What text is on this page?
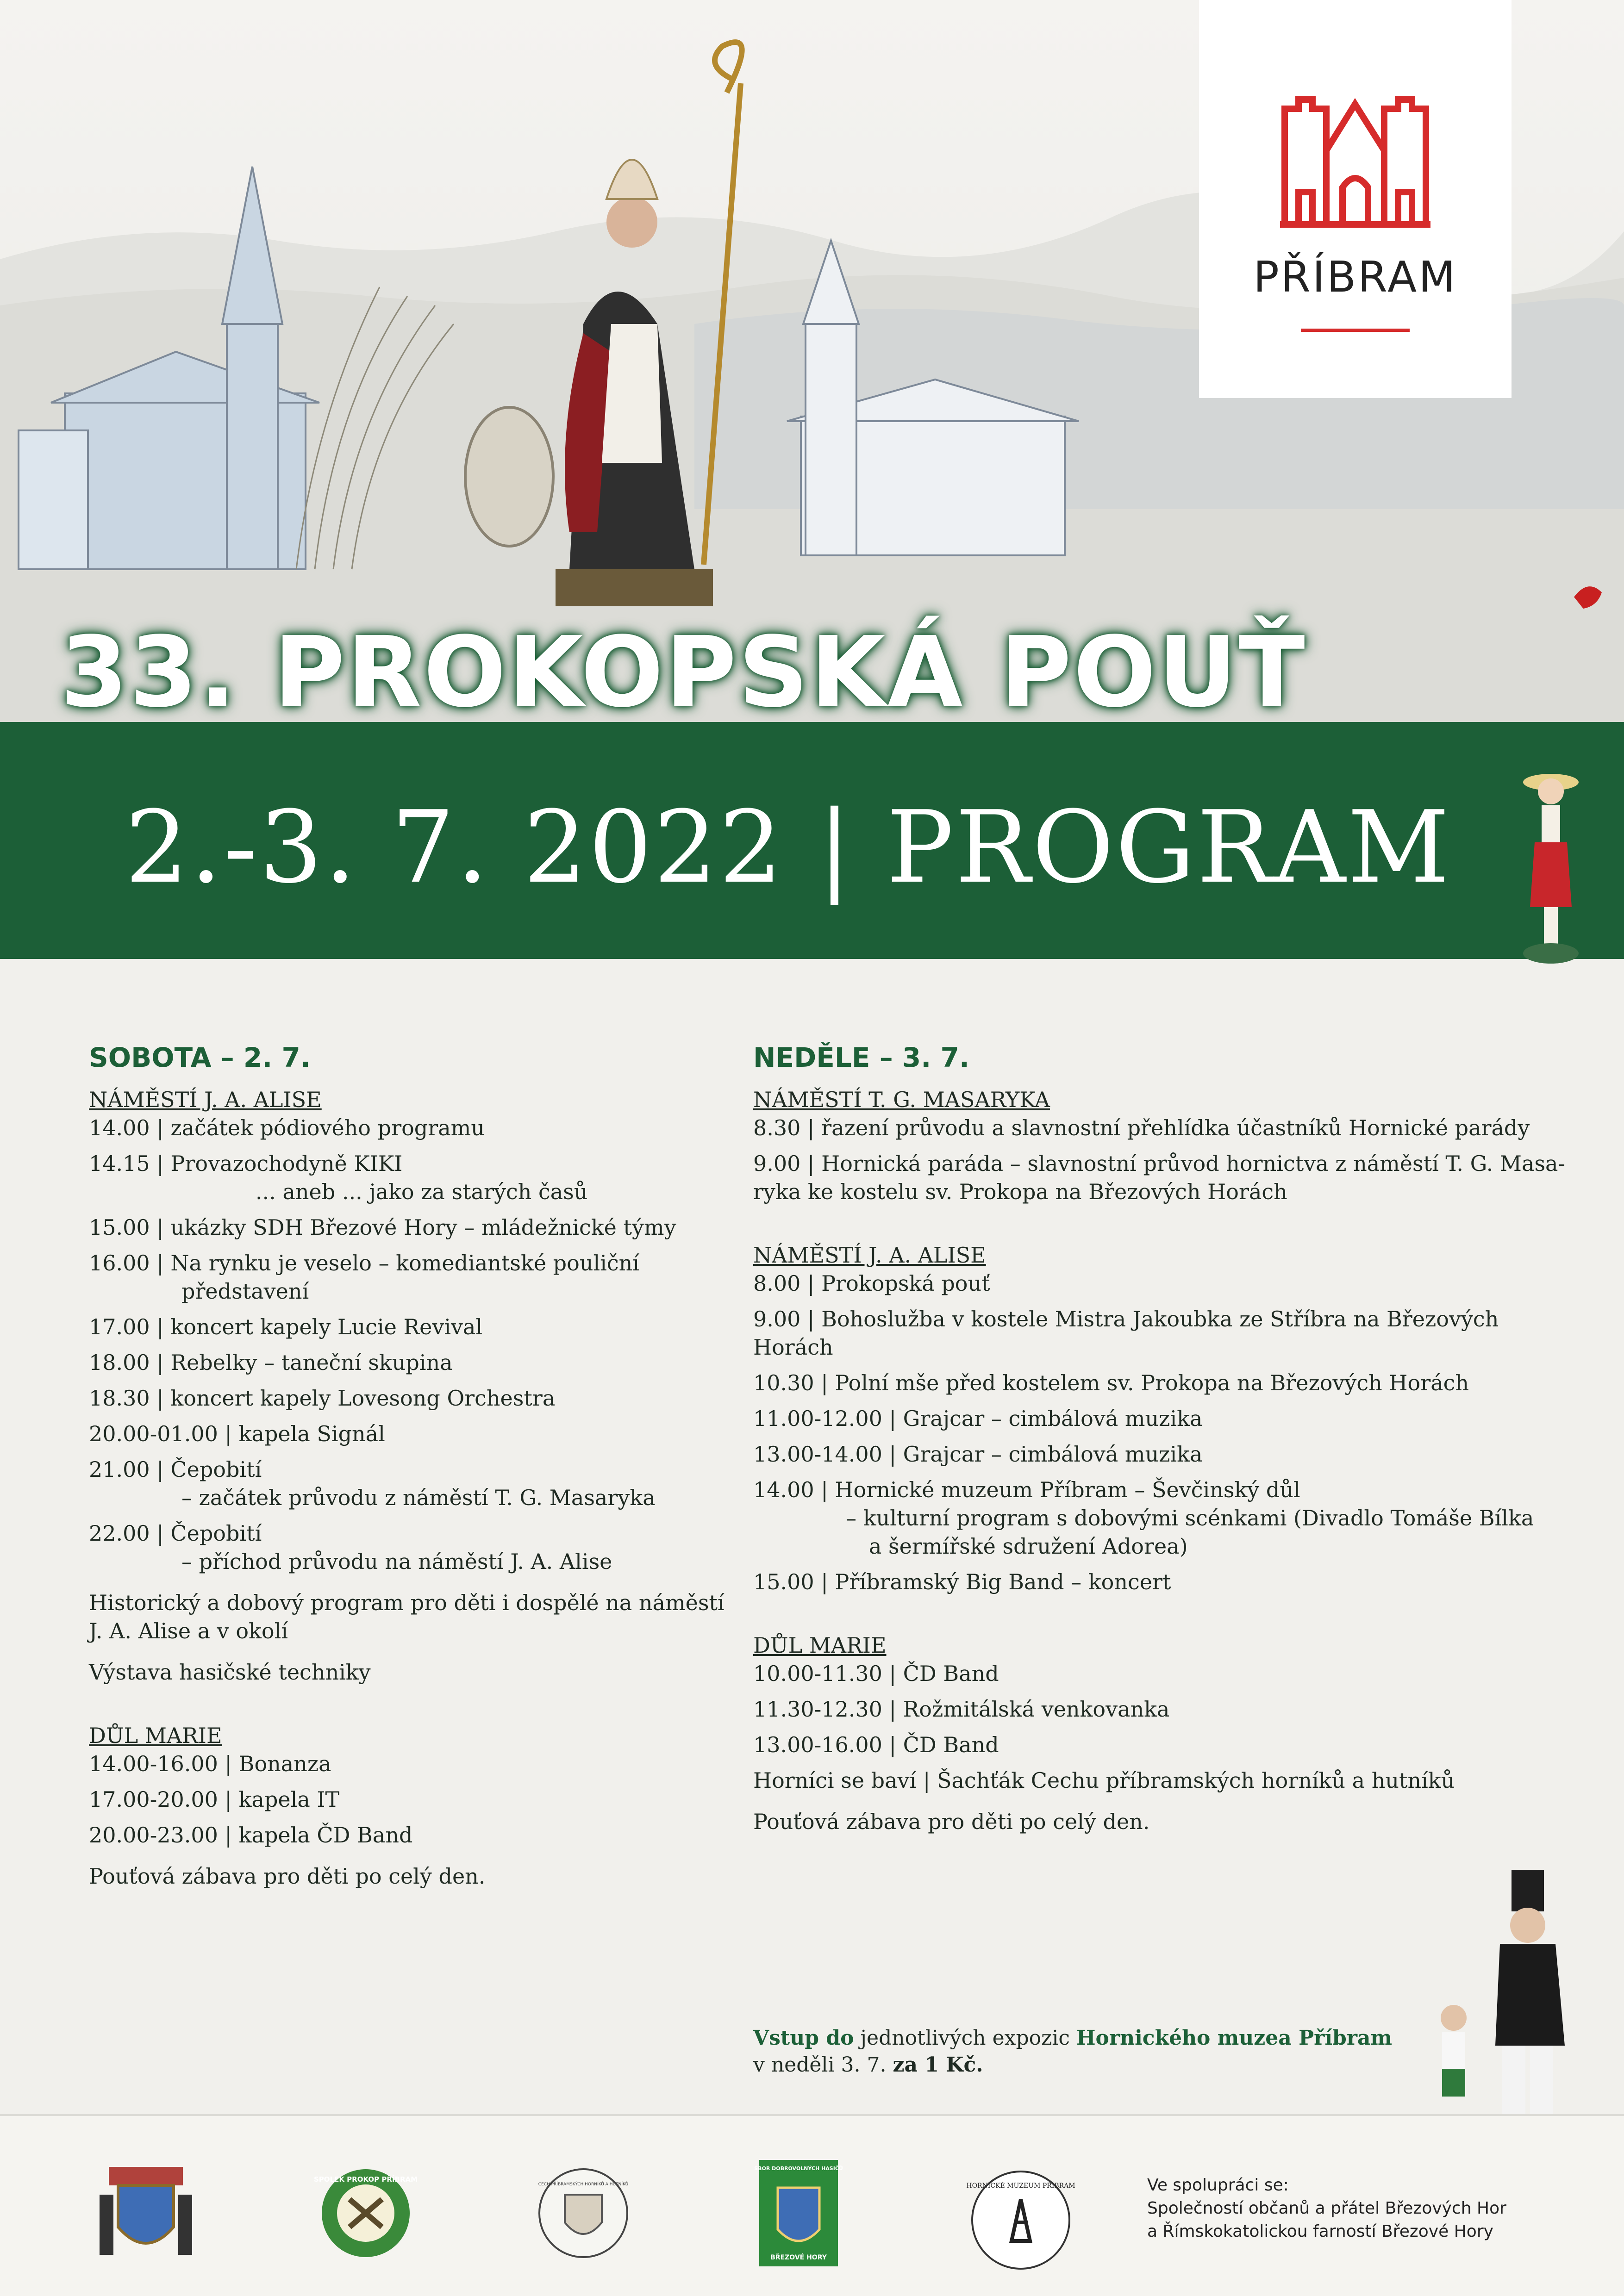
PŘÍBRAM
33. PROKOPSKÁ POUŤ
2.-3. 7. 2022 | PROGRAM
SOBOTA – 2. 7.
NÁMĚSTÍ J. A. ALISE
14.00 | začátek pódiového programu
14.15 | Provazochodyně KIKI
... aneb ... jako za starých časů
15.00 | ukázky SDH Březové Hory – mládežnické týmy
16.00 | Na rynku je veselo – komediantské pouliční
představení
17.00 | koncert kapely Lucie Revival
18.00 | Rebelky – taneční skupina
18.30 | koncert kapely Lovesong Orchestra
20.00-01.00 | kapela Signál
21.00 | Čepobití
– začátek průvodu z náměstí T. G. Masaryka
22.00 | Čepobití
– příchod průvodu na náměstí J. A. Alise
Historický a dobový program pro děti i dospělé na náměstí J. A. Alise a v okolí
Výstava hasičské techniky
DŮL MARIE
14.00-16.00 | Bonanza
17.00-20.00 | kapela IT
20.00-23.00 | kapela ČD Band
Pouťová zábava pro děti po celý den.
NEDĚLE – 3. 7.
NÁMĚSTÍ T. G. MASARYKA
8.30 | řazení průvodu a slavnostní přehlídka účastníků Hornické parády
9.00 | Hornická paráda – slavnostní průvod hornictva z náměstí T. G. Masa-
ryka ke kostelu sv. Prokopa na Březových Horách
NÁMĚSTÍ J. A. ALISE
8.00 | Prokopská pouť
9.00 | Bohoslužba v kostele Mistra Jakoubka ze Stříbra na Březových Horách
10.30 | Polní mše před kostelem sv. Prokopa na Březových Horách
11.00-12.00 | Grajcar – cimbálová muzika
13.00-14.00 | Grajcar – cimbálová muzika
14.00 | Hornické muzeum Příbram – Ševčinský důl
– kulturní program s dobovými scénkami (Divadlo Tomáše Bílka
a šermířské sdružení Adorea)
15.00 | Příbramský Big Band – koncert
DŮL MARIE
10.00-11.30 | ČD Band
11.30-12.30 | Rožmitálská venkovanka
13.00-16.00 | ČD Band
Horníci se baví | Šachťák Cechu příbramských horníků a hutníků
Pouťová zábava pro děti po celý den.
Vstup do jednotlivých expozic Hornického muzea Příbram
v neděli 3. 7. za 1 Kč.
SPOLEK PROKOP PŘÍBRAM
CECH PŘÍBRAMSKÝCH HORNÍKŮ A HUTNÍKŮ
SBOR DOBROVOLNÝCH HASIČŮ
BŘEZOVÉ HORY
HORNICKÉ MUZEUM PŘÍBRAM	Ve spolupráci se:
Společností občanů a přátel Březových Hor
a Římskokatolickou farností Březové Hory
